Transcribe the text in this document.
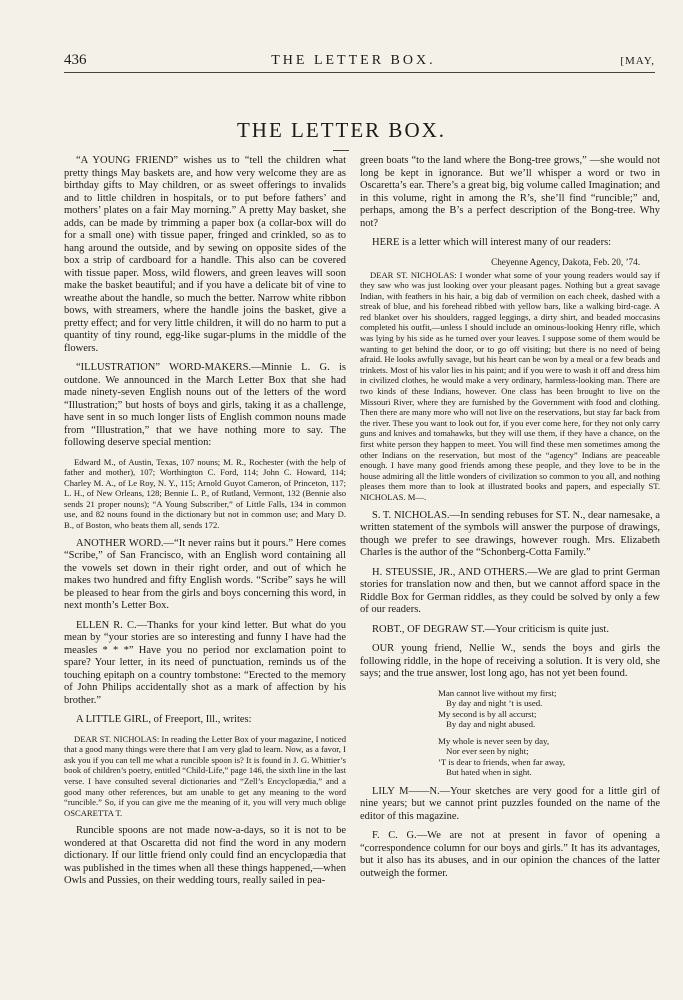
436	THE LETTER BOX.	[MAY,
THE LETTER BOX.

“A YOUNG FRIEND” wishes us to “tell the children what pretty things May baskets are, and how very welcome they are as birthday gifts to May children, or as sweet offerings to invalids and to little children in hospitals, or to put before fathers’ and mothers’ plates on a fair May morning.” A pretty May basket, she adds, can be made by trimming a paper box (a collar-box will do for a small one) with tissue paper, fringed and crinkled, so as to hang around the outside, and by sewing on opposite sides of the box a strip of cardboard for a handle. This also can be covered with tissue paper. Moss, wild flowers, and green leaves will soon make the basket beautiful; and if you have a delicate bit of vine to wreathe about the handle, so much the better. Narrow white ribbon bows, with streamers, where the handle joins the basket, give a pretty effect; and for very little children, it will do no harm to put a quantity of tiny round, egg-like sugar-plums in the middle of the flowers.

“ILLUSTRATION” WORD-MAKERS.—Minnie L. G. is outdone. We announced in the March Letter Box that she had made ninety-seven English nouns out of the letters of the word “Illustration;” but hosts of boys and girls, taking it as a challenge, have sent in so much longer lists of English common nouns made from “Illustration,” that we have nothing more to say. The following deserve special mention:

Edward M., of Austin, Texas, 107 nouns; M. R., Rochester (with the help of father and mother), 107; Worthington C. Ford, 114; John C. Howard, 114; Charley M. A., of Le Roy, N. Y., 115; Arnold Guyot Cameron, of Princeton, 117; L. H., of New Orleans, 128; Bennie L. P., of Rutland, Vermont, 132 (Bennie also sends 21 proper nouns); “A Young Subscriber,” of Little Falls, 134 in common use, and 82 nouns found in the dictionary but not in common use; and Mary D. B., of Boston, who beats them all, sends 172.

ANOTHER WORD.—“It never rains but it pours.” Here comes “Scribe,” of San Francisco, with an English word containing all the vowels set down in their right order, and out of which he makes two hundred and fifty English words. “Scribe” says he will be pleased to hear from the girls and boys concerning this word, in next month’s Letter Box.

ELLEN R. C.—Thanks for your kind letter. But what do you mean by “your stories are so interesting and funny I have had the measles * * *” Have you no period nor exclamation point to spare? Your letter, in its need of punctuation, reminds us of the touching epitaph on a country tombstone: “Erected to the memory of John Philips accidentally shot as a mark of affection by his brother.”

A LITTLE GIRL, of Freeport, Ill., writes:

DEAR ST. NICHOLAS: In reading the Letter Box of your magazine, I noticed that a good many things were there that I am very glad to learn. Now, as a favor, I ask you if you can tell me what a runcible spoon is? It is found in J. G. Whittier’s book of children’s poetry, entitled “Child-Life,” page 146, the sixth line in the last verse. I have consulted several dictionaries and “Zell’s Encyclopædia,” and a good many other references, but am unable to get any meaning to the word “runcible.” So, if you can give me the meaning of it, you will very much oblige OSCARETTA T.

Runcible spoons are not made now-a-days, so it is not to be wondered at that Oscaretta did not find the word in any modern dictionary. If our little friend only could find an encyclopædia that was published in the times when all these things happened,—when Owls and Pussies, on their wedding tours, really sailed in pea-

green boats “to the land where the Bong-tree grows,” —she would not long be kept in ignorance. But we’ll whisper a word or two in Oscaretta’s ear. There’s a great big, big volume called Imagination; and in this volume, right in among the R’s, she’ll find “runcible;” and, perhaps, among the B’s a perfect description of the Bong-tree. Why not?

HERE is a letter which will interest many of our readers:

Cheyenne Agency, Dakota, Feb. 20, ’74.

DEAR ST. NICHOLAS: I wonder what some of your young readers would say if they saw who was just looking over your pleasant pages. Nothing but a great savage Indian, with feathers in his hair, a big dab of vermilion on each cheek, dashed with a streak of blue, and his forehead ribbed with yellow bars, like a walking bird-cage. A red blanket over his shoulders, ragged leggings, a dirty shirt, and beaded moccasins completed his outfit,—unless I should include an ominous-looking Henry rifle, which was lying by his side as he turned over your leaves. I suppose some of them would be wanting to get behind the door, or to go off visiting; but there is no need of being afraid. He looks awfully savage, but his heart can be won by a meal or a few beads and trinkets. Most of his valor lies in his paint; and if you were to wash it off and dress him in civilized clothes, he would make a very ordinary, harmless-looking man. There are two kinds of these Indians, however. One class has been brought to live on the Missouri River, where they are furnished by the Government with food and clothing. Then there are many more who will not live on the reservations, but stay far back from the river. These you want to look out for, if you ever come here, for they not only carry guns and knives and tomahawks, but they will use them, if they have a chance, on the first white person they happen to meet. You will find these men sometimes among the other Indians on the reservation, but most of the “agency” Indians are peaceable enough. I have many good friends among these people, and they love to be in the house admiring all the little wonders of civilization so common to you all, and nothing pleases them more than to look at illustrated books and papers, and especially ST. NICHOLAS. M—.

S. T. NICHOLAS.—In sending rebuses for ST. N., dear namesake, a written statement of the symbols will answer the purpose of drawings, though we prefer to see drawings, however rough. Mrs. Elizabeth Charles is the author of the “Schonberg-Cotta Family.”

H. STEUSSIE, JR., AND OTHERS.—We are glad to print German stories for translation now and then, but we cannot afford space in the Riddle Box for German riddles, as they could be solved by only a few of our readers.

ROBT., OF DEGRAW ST.—Your criticism is quite just.

OUR young friend, Nellie W., sends the boys and girls the following riddle, in the hope of receiving a solution. It is very old, she says; and the true answer, lost long ago, has not yet been found.

Man cannot live without my first;
By day and night ’t is used.
My second is by all accurst;
By day and night abused.
My whole is never seen by day,
Nor ever seen by night;
’T is dear to friends, when far away,
But hated when in sight.

LILY M——N.—Your sketches are very good for a little girl of nine years; but we cannot print puzzles founded on the name of the editor of this magazine.

F. C. G.—We are not at present in favor of opening a “correspondence column for our boys and girls.” It has its advantages, but it also has its abuses, and in our opinion the chances of the latter outweigh the former.
